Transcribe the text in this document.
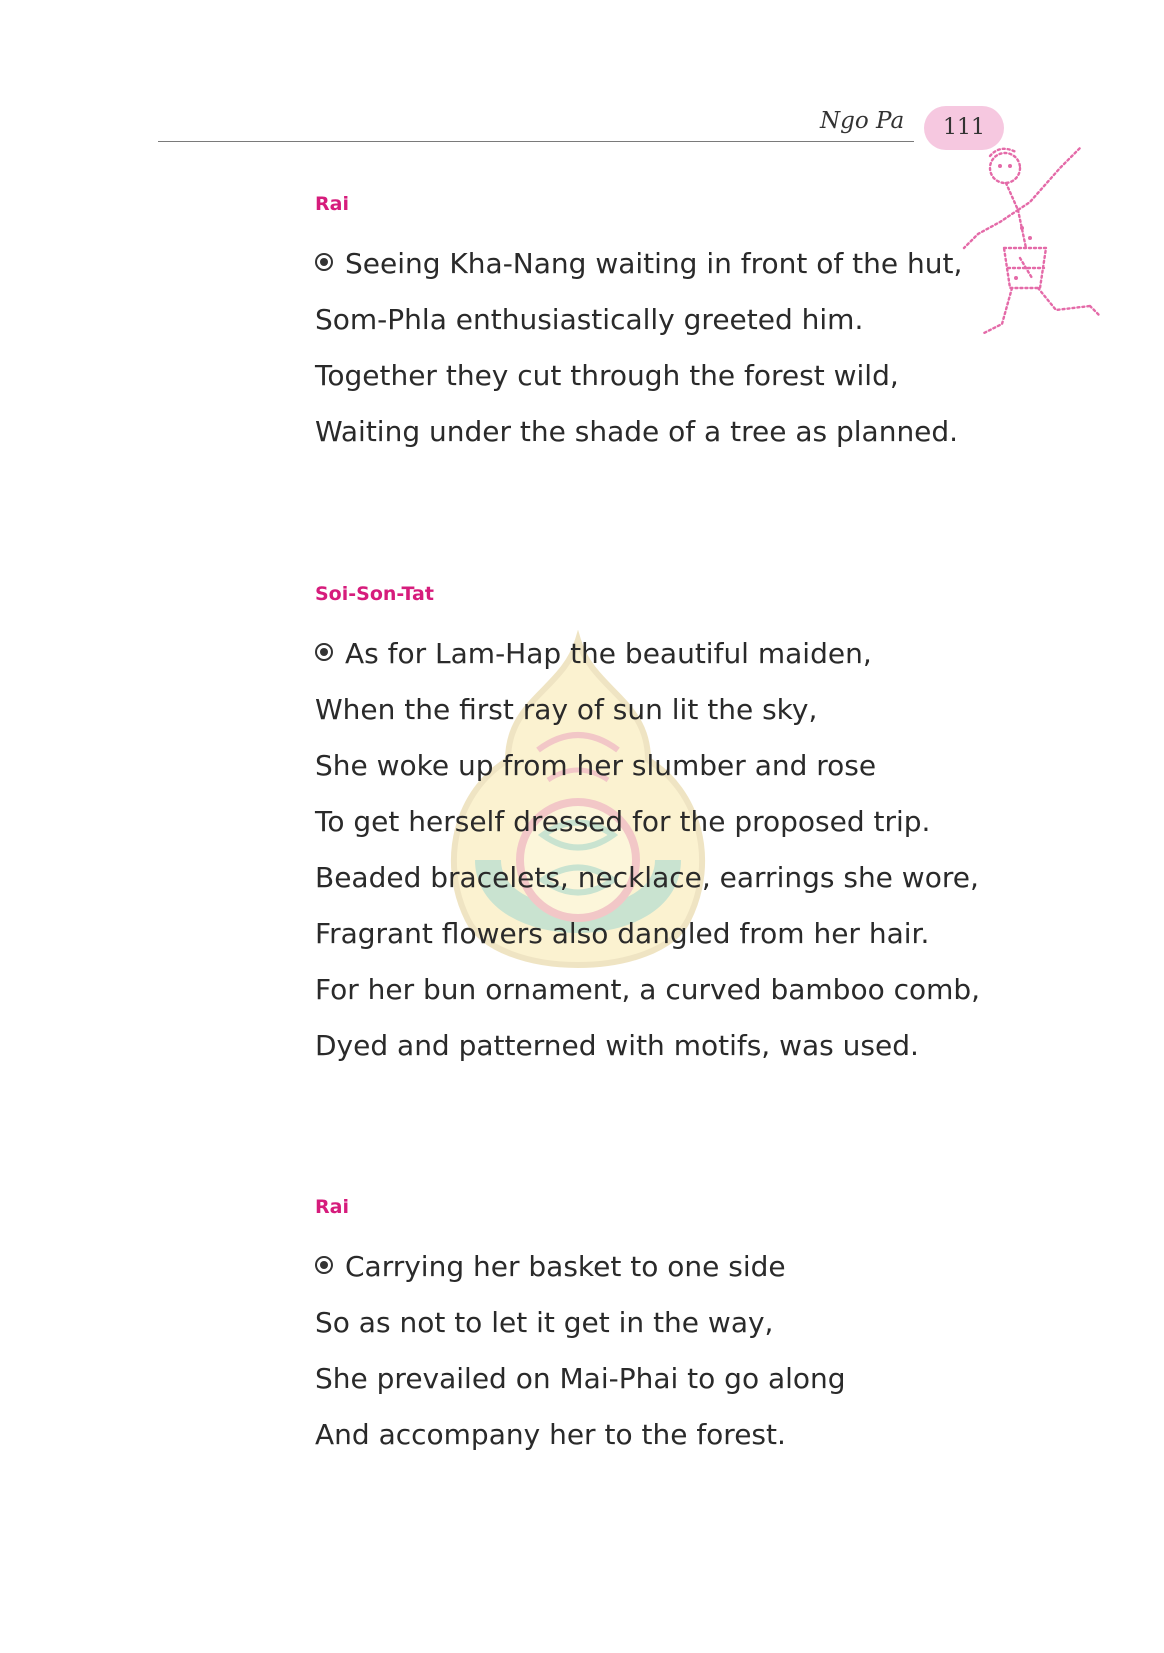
Ngo Pa	111
Rai
Seeing Kha-Nang waiting in front of the hut,
Som-Phla enthusiastically greeted him.
Together they cut through the forest wild,
Waiting under the shade of a tree as planned.
Soi-Son-Tat
As for Lam-Hap the beautiful maiden,
When the first ray of sun lit the sky,
She woke up from her slumber and rose
To get herself dressed for the proposed trip.
Beaded bracelets, necklace, earrings she wore,
Fragrant flowers also dangled from her hair.
For her bun ornament, a curved bamboo comb,
Dyed and patterned with motifs, was used.
Rai
Carrying her basket to one side
So as not to let it get in the way,
She prevailed on Mai-Phai to go along
And accompany her to the forest.
